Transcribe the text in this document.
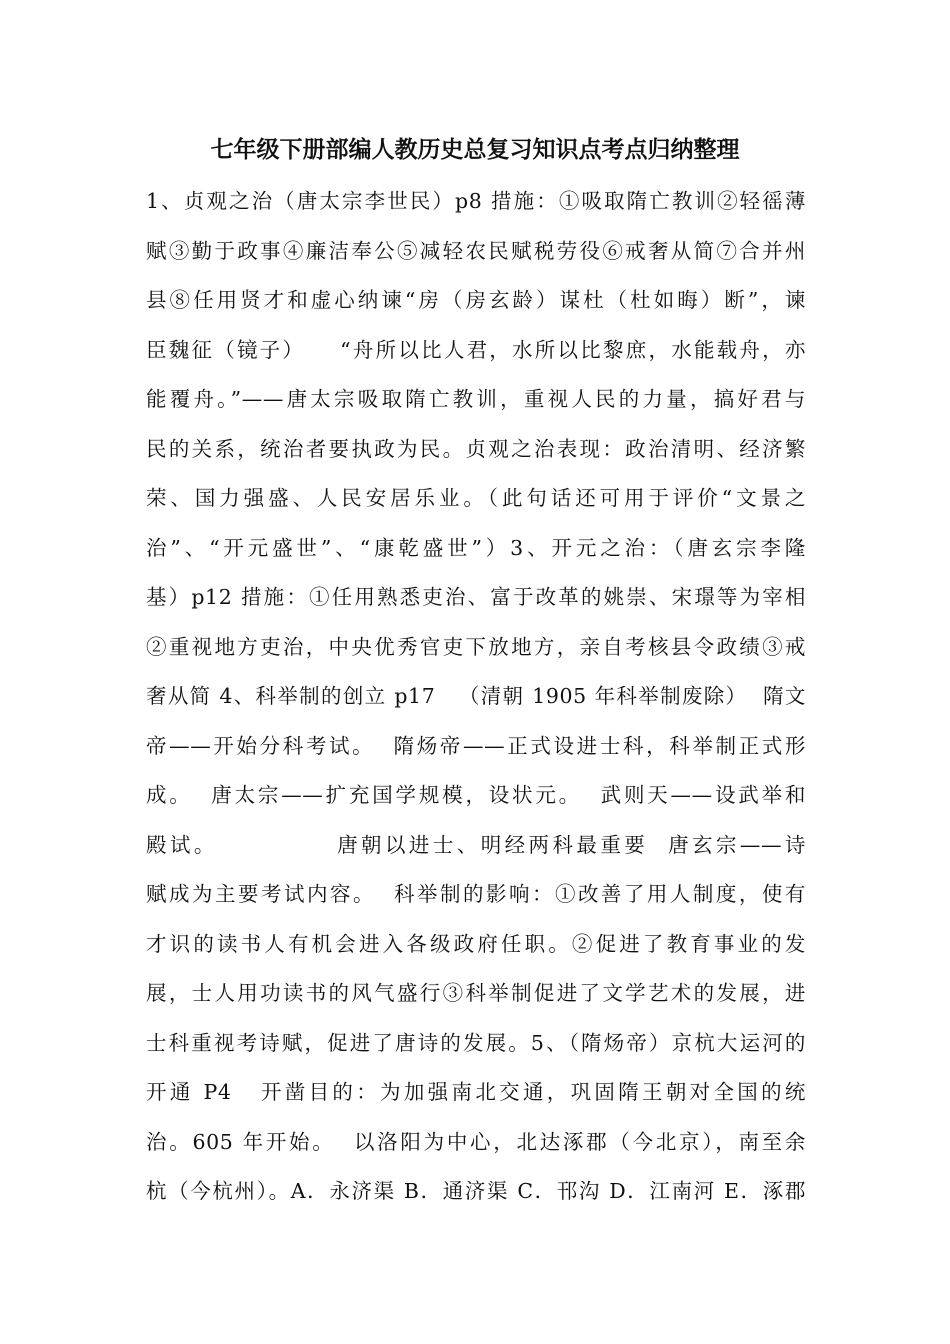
七年级下册部编人教历史总复习知识点考点归纳整理
1、贞观之治（唐太宗李世民）p8 措施：①吸取隋亡教训②轻徭薄
赋③勤于政事④廉洁奉公⑤减轻农民赋税劳役⑥戒奢从简⑦合并州
县⑧任用贤才和虚心纳谏“房（房玄龄）谋杜（杜如晦）断”，谏
臣魏征（镜子）    “舟所以比人君，水所以比黎庶，水能载舟，亦
能覆舟。”——唐太宗吸取隋亡教训，重视人民的力量，搞好君与
民的关系，统治者要执政为民。贞观之治表现：政治清明、经济繁
荣、国力强盛、人民安居乐业。（此句话还可用于评价“文景之
治”、“开元盛世”、“康乾盛世”）3、开元之治：（唐玄宗李隆
基）p12 措施：①任用熟悉吏治、富于改革的姚崇、宋璟等为宰相
②重视地方吏治，中央优秀官吏下放地方，亲自考核县令政绩③戒
奢从简 4、科举制的创立 p17   （清朝 1905 年科举制废除）  隋文
帝——开始分科考试。  隋炀帝——正式设进士科，科举制正式形
成。  唐太宗——扩充国学规模，设状元。  武则天——设武举和
殿试。            唐朝以进士、明经两科最重要  唐玄宗——诗
赋成为主要考试内容。  科举制的影响：①改善了用人制度，使有
才识的读书人有机会进入各级政府任职。②促进了教育事业的发
展，士人用功读书的风气盛行③科举制促进了文学艺术的发展，进
士科重视考诗赋，促进了唐诗的发展。5、（隋炀帝）京杭大运河的
开通 P4   开凿目的：为加强南北交通，巩固隋王朝对全国的统
治。605 年开始。  以洛阳为中心，北达涿郡（今北京），南至余
杭（今杭州）。A．永济渠 B．通济渠 C．邗沟 D．江南河 E．涿郡
